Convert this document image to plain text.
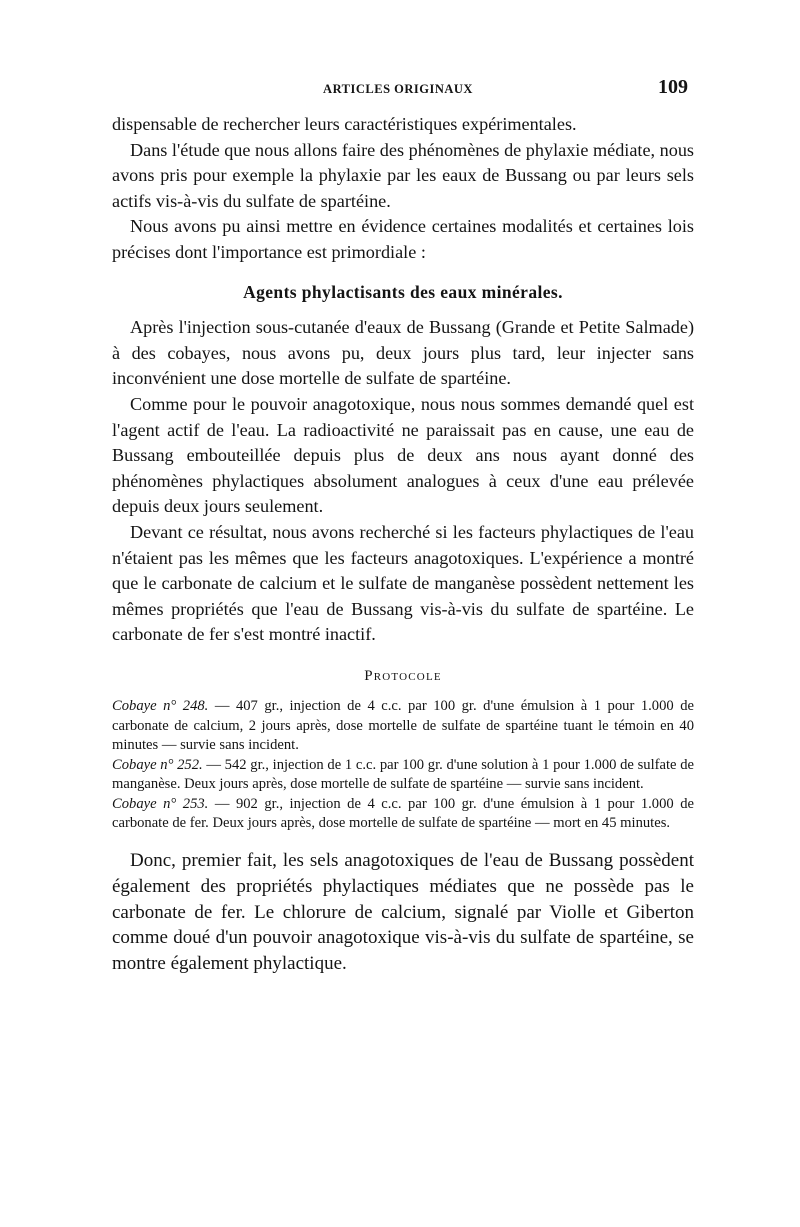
ARTICLES ORIGINAUX	109

dispensable de rechercher leurs caractéristiques expérimentales.

Dans l'étude que nous allons faire des phénomènes de phylaxie médiate, nous avons pris pour exemple la phylaxie par les eaux de Bussang ou par leurs sels actifs vis-à-vis du sulfate de spartéine.

Nous avons pu ainsi mettre en évidence certaines modalités et certaines lois précises dont l'importance est primordiale :

Agents phylactisants des eaux minérales.

Après l'injection sous-cutanée d'eaux de Bussang (Grande et Petite Salmade) à des cobayes, nous avons pu, deux jours plus tard, leur injecter sans inconvénient une dose mortelle de sulfate de spartéine.

Comme pour le pouvoir anagotoxique, nous nous sommes demandé quel est l'agent actif de l'eau. La radioactivité ne paraissait pas en cause, une eau de Bussang embouteillée depuis plus de deux ans nous ayant donné des phénomènes phylactiques absolument analogues à ceux d'une eau prélevée depuis deux jours seulement.

Devant ce résultat, nous avons recherché si les facteurs phylactiques de l'eau n'étaient pas les mêmes que les facteurs anagotoxiques. L'expérience a montré que le carbonate de calcium et le sulfate de manganèse possèdent nettement les mêmes propriétés que l'eau de Bussang vis-à-vis du sulfate de spartéine. Le carbonate de fer s'est montré inactif.

Protocole

Cobaye n° 248. — 407 gr., injection de 4 c.c. par 100 gr. d'une émulsion à 1 pour 1.000 de carbonate de calcium, 2 jours après, dose mortelle de sulfate de spartéine tuant le témoin en 40 minutes — survie sans incident.

Cobaye n° 252. — 542 gr., injection de 1 c.c. par 100 gr. d'une solution à 1 pour 1.000 de sulfate de manganèse. Deux jours après, dose mortelle de sulfate de spartéine — survie sans incident.

Cobaye n° 253. — 902 gr., injection de 4 c.c. par 100 gr. d'une émulsion à 1 pour 1.000 de carbonate de fer. Deux jours après, dose mortelle de sulfate de spartéine — mort en 45 minutes.

Donc, premier fait, les sels anagotoxiques de l'eau de Bussang possèdent également des propriétés phylactiques médiates que ne possède pas le carbonate de fer. Le chlorure de calcium, signalé par Violle et Giberton comme doué d'un pouvoir anagotoxique vis-à-vis du sulfate de spartéine, se montre également phylactique.
